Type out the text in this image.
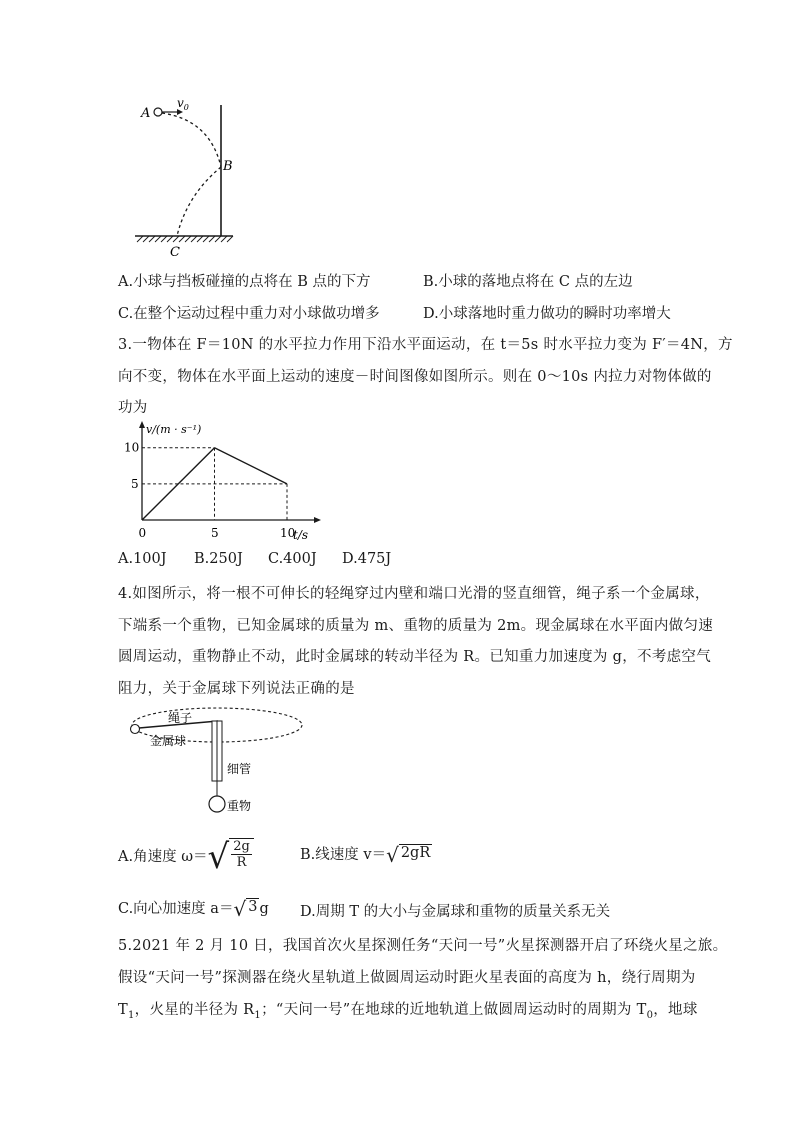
A
$v_0$
B
C
A.小球与挡板碰撞的点将在 B 点的下方	B.小球的落地点将在 C 点的左边
C.在整个运动过程中重力对小球做功增多	D.小球落地时重力做功的瞬时功率增大
3.一物体在 F＝10N 的水平拉力作用下沿水平面运动，在 t＝5s 时水平拉力变为 F′＝4N，方
向不变，物体在水平面上运动的速度－时间图像如图所示。则在 0～10s 内拉力对物体做的
功为
v/(m · s⁻¹)
t/s
0	5	10
5
10
A.100J B.250J C.400J D.475J
4.如图所示，将一根不可伸长的轻绳穿过内壁和端口光滑的竖直细管，绳子系一个金属球，
下端系一个重物，已知金属球的质量为 m、重物的质量为 2m。现金属球在水平面内做匀速
圆周运动，重物静止不动，此时金属球的转动半径为 R。已知重力加速度为 g，不考虑空气
阻力，关于金属球下列说法正确的是
绳子
金属球
细管
重物
A.角速度 ω＝ √ $\frac{2g}{R}$	B.线速度 v＝ √ 2gR
C.向心加速度 a＝ √ 3 g D.周期 T 的大小与金属球和重物的质量关系无关
5.2021 年 2 月 10 日，我国首次火星探测任务“天问一号”火星探测器开启了环绕火星之旅。
假设“天问一号”探测器在绕火星轨道上做圆周运动时距火星表面的高度为 h，绕行周期为
$T_1$，火星的半径为 $R_1$；“天问一号”在地球的近地轨道上做圆周运动时的周期为 $T_0$，地球
